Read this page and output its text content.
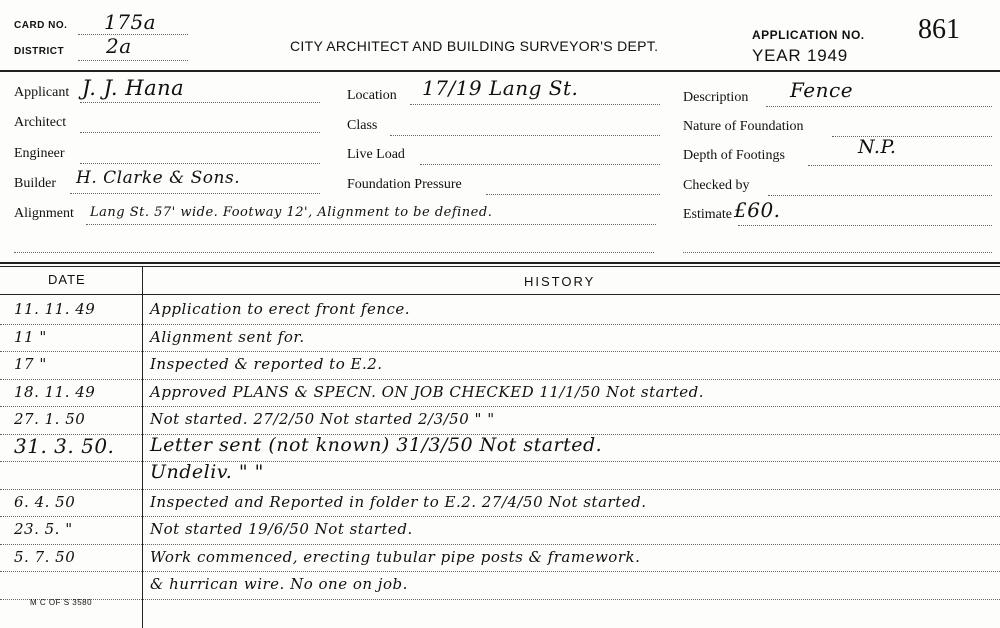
CARD NO. 175a
DISTRICT 2a	CITY ARCHITECT AND BUILDING SURVEYOR'S DEPT.
APPLICATION NO. 861
YEAR 1949
Applicant J. J. Hana
Architect
Engineer
Builder H. Clarke & Sons.
Alignment Lang St. 57' wide. Footway 12', Alignment to be defined.
Location 17/19 Lang St.
Class
Live Load
Foundation Pressure
Description Fence
Nature of Foundation
Depth of Footings	N.P.
Checked by
Estimate £60.
DATE	HISTORY
11. 11. 49	Application to erect front fence.
11 "	Alignment sent for.
17 "	Inspected & reported to E.2.
18. 11. 49	Approved PLANS & SPECN. ON JOB CHECKED 11/1/50 Not started.
27. 1. 50	Not started. 27/2/50 Not started 2/3/50 " "
31. 3. 50. Letter sent (not known) 31/3/50 Not started.
Undeliv. " "
6. 4. 50	Inspected and Reported in folder to E.2. 27/4/50 Not started.
23. 5. "	Not started 19/6/50 Not started.
5. 7. 50	Work commenced, erecting tubular pipe posts & framework.
& hurrican wire. No one on job.
M C OF S 3580
